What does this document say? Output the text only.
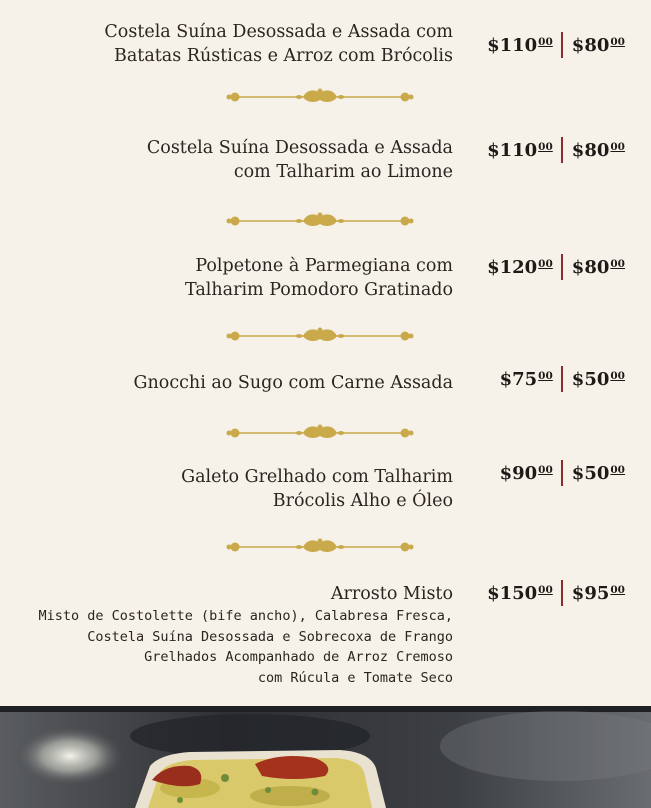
Costela Suína Desossada e Assada com
Batatas Rústicas e Arroz com Brócolis
$110 00 $80 00
Costela Suína Desossada e Assada
com Talharim ao Limone
$110 00 $80 00
Polpetone à Parmegiana com
Talharim Pomodoro Gratinado
$120 00 $80 00
Gnocchi ao Sugo com Carne Assada	$75 00 $50 00
Galeto Grelhado com Talharim
Brócolis Alho e Óleo
$90 00 $50 00
Arrosto Misto $150 00 $95 00
Misto de Costolette (bife ancho), Calabresa Fresca,
Costela Suína Desossada e Sobrecoxa de Frango
Grelhados Acompanhado de Arroz Cremoso
com Rúcula e Tomate Seco
